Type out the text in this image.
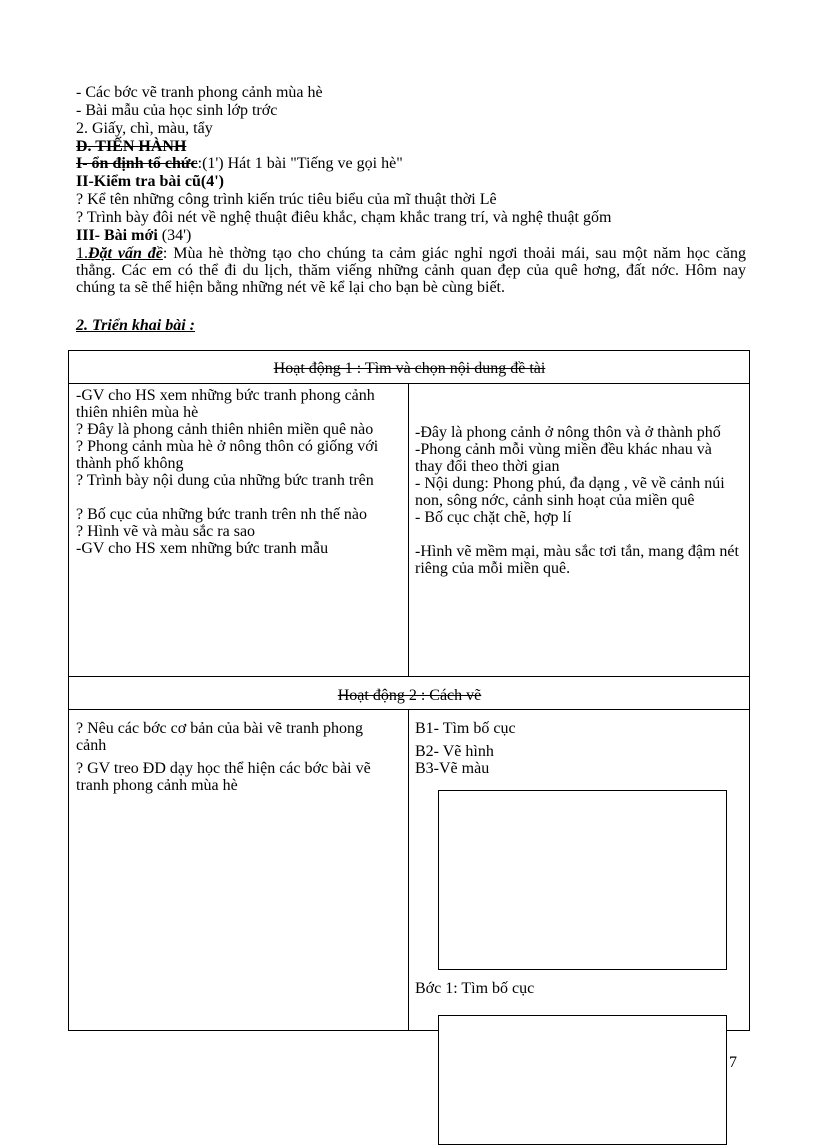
- Các bớc vẽ tranh phong cảnh mùa hè
- Bài mẫu của học sinh lớp trớc
2. Giấy, chì, màu, tẩy
D. TIẾN HÀNH
I- ổn định tổ chức:(1') Hát 1 bài "Tiếng ve gọi hè"
II-Kiểm tra bài cũ(4')
? Kể tên những công trình kiến trúc tiêu biểu của mĩ thuật thời Lê
? Trình bày đôi nét về nghệ thuật điêu khắc, chạm khắc trang trí, và nghệ thuật gốm
III- Bài mới (34')

1.Đặt vấn đề: Mùa hè thờng tạo cho chúng ta cảm giác nghỉ ngơi thoải mái, sau một năm học căng thẳng. Các em có thể đi du lịch, thăm viếng những cảnh quan đẹp của quê hơng, đất nớc. Hôm nay chúng ta sẽ thể hiện bằng những nét vẽ kể lại cho bạn bè cùng biết.

2. Triển khai bài :
Hoạt động 1 : Tìm và chọn nội dung đề tài

-GV cho HS xem những bức tranh phong cảnh thiên nhiên mùa hè

? Đây là phong cảnh thiên nhiên miền quê nào

? Phong cảnh mùa hè ở nông thôn có giống với thành phố không

? Trình bày nội dung của những bức tranh trên

? Bố cục của những bức tranh trên nh thế nào

? Hình vẽ và màu sắc ra sao

-GV cho HS xem những bức tranh mẫu

-Đây là phong cảnh ở nông thôn và ở thành phố

-Phong cảnh mỗi vùng miền đều khác nhau và thay đổi theo thời gian

- Nội dung: Phong phú, đa dạng , vẽ về cảnh núi non, sông nớc, cảnh sinh hoạt của miền quê

- Bố cục chặt chẽ, hợp lí

-Hình vẽ mềm mại, màu sắc tơi tắn, mang đậm nét riêng của mỗi miền quê.

Hoạt động 2 : Cách vẽ

? Nêu các bớc cơ bản của bài vẽ tranh phong cảnh

? GV treo ĐD dạy học thể hiện các bớc bài vẽ tranh phong cảnh mùa hè

B1- Tìm bố cục

B2- Vẽ hình

B3-Vẽ màu

Bớc 1: Tìm bố cục
7
